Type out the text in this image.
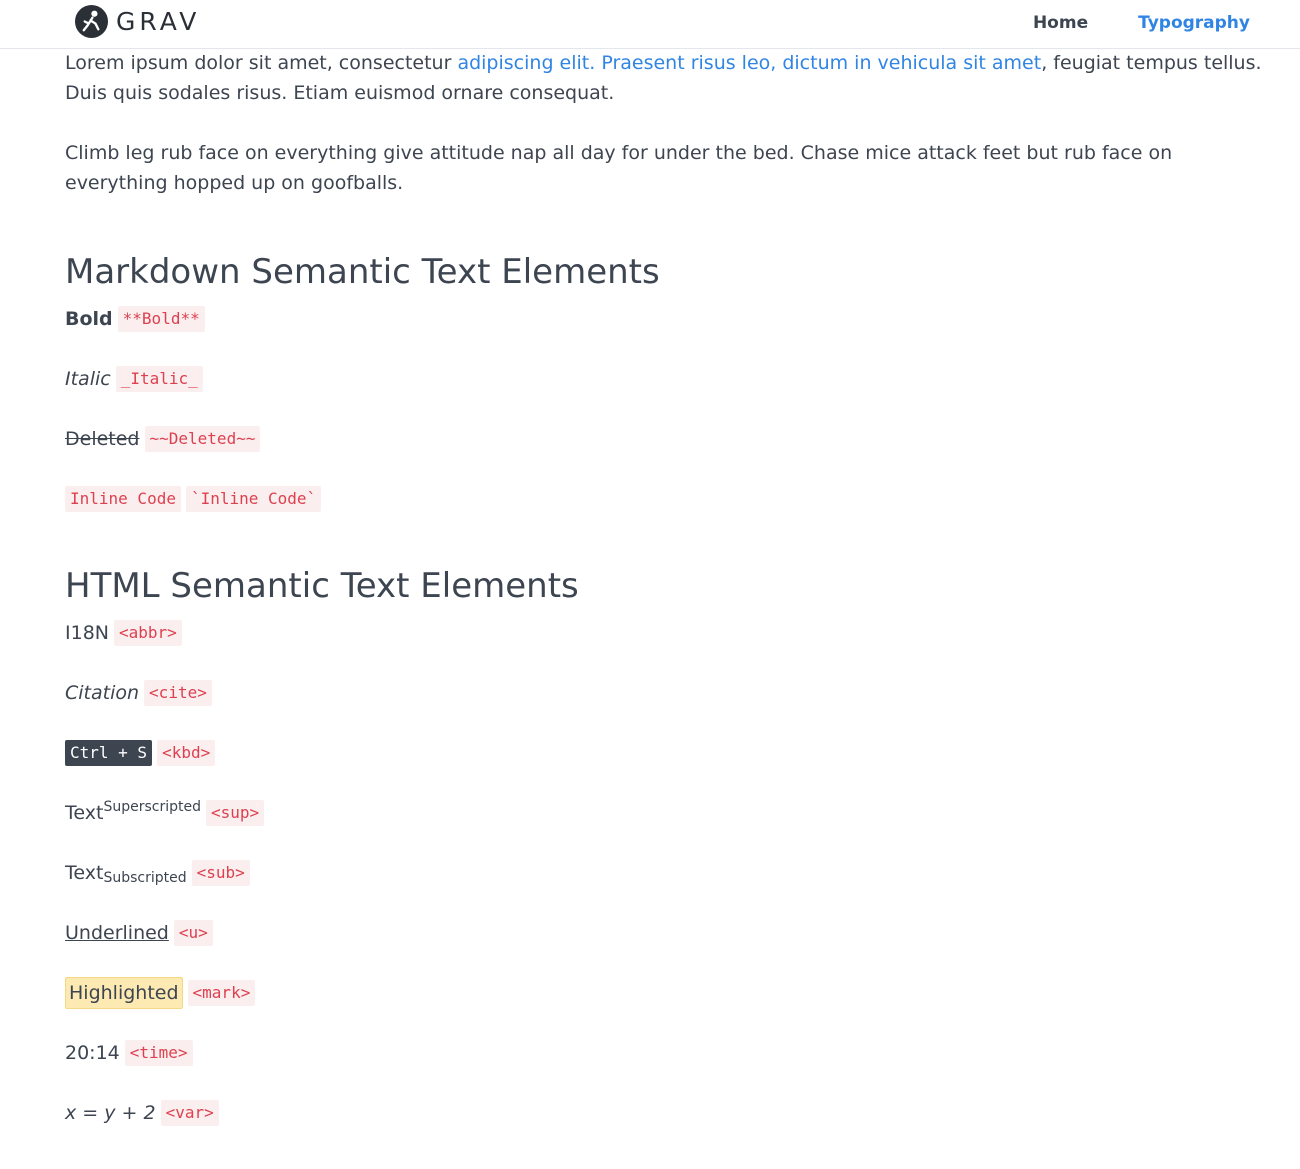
GRAV	Home	Typography

Lorem ipsum dolor sit amet, consectetur adipiscing elit. Praesent risus leo, dictum in vehicula sit amet, feugiat tempus tellus. Duis quis sodales risus. Etiam euismod ornare consequat.

Climb leg rub face on everything give attitude nap all day for under the bed. Chase mice attack feet but rub face on everything hopped up on goofballs.

Markdown Semantic Text Elements
Bold **Bold**
Italic _Italic_
Deleted ~~Deleted~~
Inline Code `Inline Code`
HTML Semantic Text Elements
I18N <abbr>
Citation <cite>
Ctrl + S <kbd>
Text$^{Superscripted}$ <sup>
Text$_{Subscripted}$ <sub>
Underlined <u>
Highlighted <mark>
20:14 <time>
x = y + 2 <var>
